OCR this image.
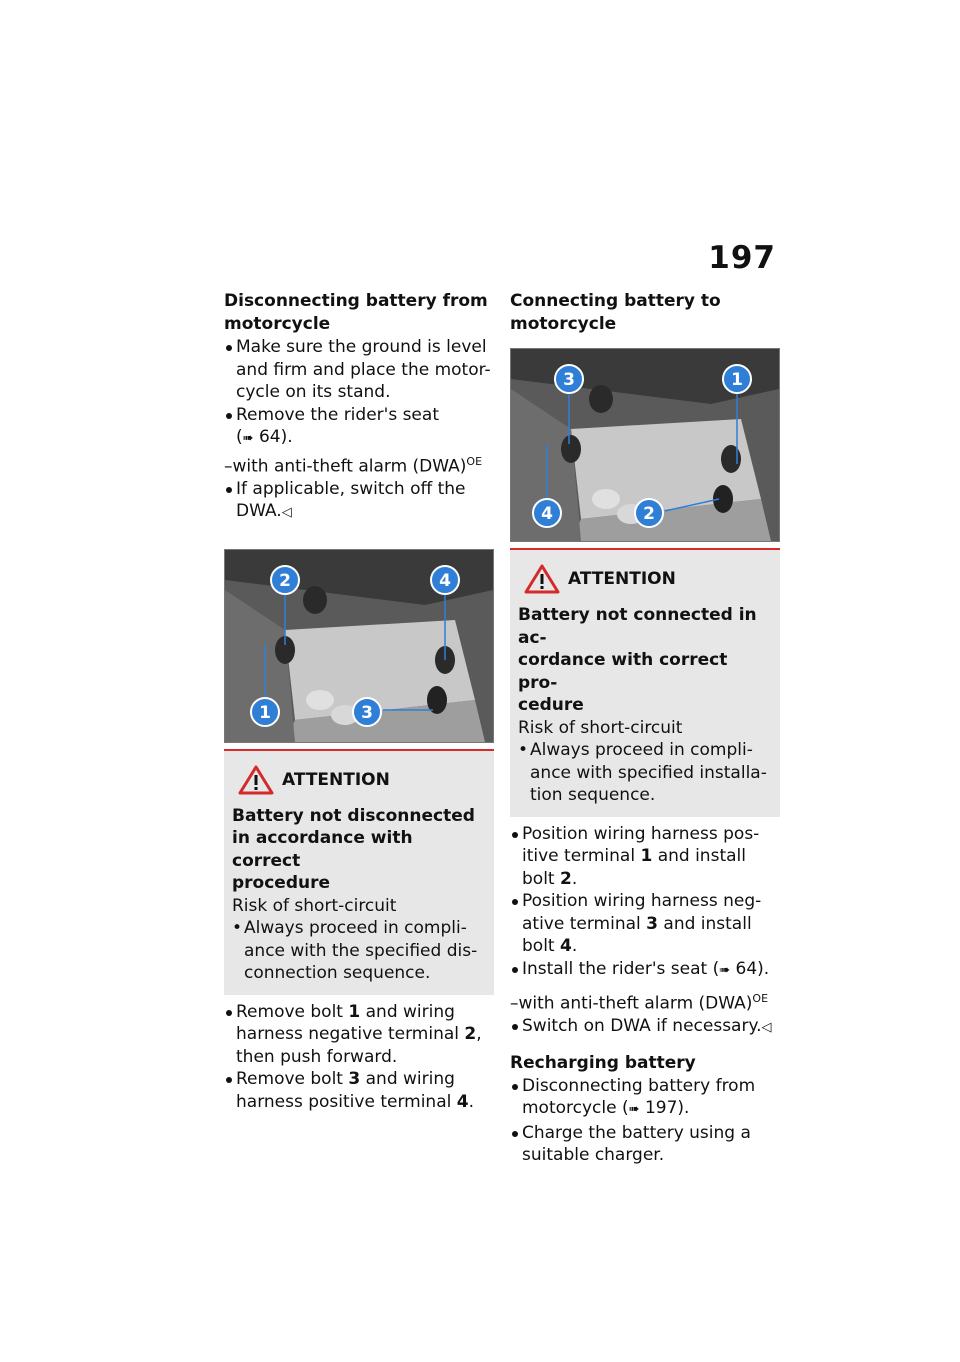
197

Disconnecting battery from
motorcycle

Make sure the ground is level
and firm and place the motor-
cycle on its stand.
Remove the rider's seat
(➠ 64).
–with anti-theft alarm (DWA)$^{OE}$
If applicable, switch off the
DWA.◁
2	4
1	3
ATTENTION

Battery not disconnected
in accordance with correct
procedure

Risk of short-circuit

• Always proceed in compli-
ance with the specified dis-
connection sequence.
Remove bolt 1 and wiring
harness negative terminal 2,
then push forward.
Remove bolt 3 and wiring
harness positive terminal 4.

Connecting battery to
motorcycle

3	1
4	2
ATTENTION

Battery not connected in ac-
cordance with correct pro-
cedure

Risk of short-circuit

• Always proceed in compli-
ance with specified installa-
tion sequence.
Position wiring harness pos-
itive terminal 1 and install
bolt 2.
Position wiring harness neg-
ative terminal 3 and install
bolt 4.
Install the rider's seat (➠ 64).
–with anti-theft alarm (DWA)$^{OE}$
Switch on DWA if necessary.◁

Recharging battery

Disconnecting battery from
motorcycle (➠ 197).
Charge the battery using a
suitable charger.
